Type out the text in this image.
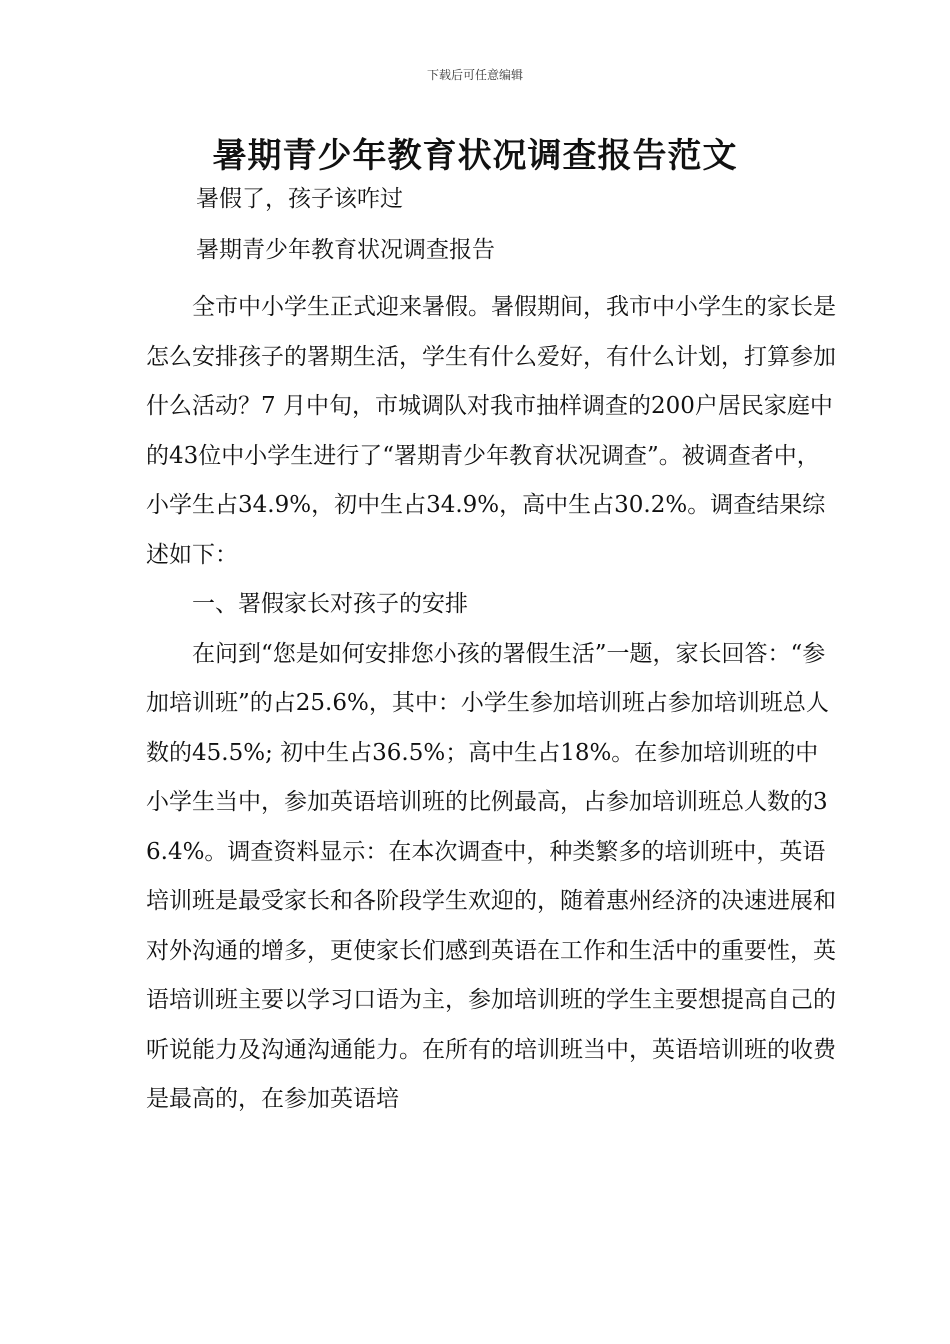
下载后可任意编辑
暑期青少年教育状况调查报告范文
暑假了，孩子该咋过
暑期青少年教育状况调查报告

全市中小学生正式迎来暑假。暑假期间，我市中小学生的家长是怎么安排孩子的署期生活，学生有什么爱好，有什么计划，打算参加什么活动？7 月中旬，市城调队对我市抽样调查的200户居民家庭中的43位中小学生进行了“署期青少年教育状况调查”。被调查者中，小学生占34.9%，初中生占34.9%，高中生占30.2%。调查结果综述如下：

一、署假家长对孩子的安排

在问到“您是如何安排您小孩的署假生活”一题，家长回答：“参加培训班”的占25.6%，其中：小学生参加培训班占参加培训班总人数的45.5%; 初中生占36.5%；高中生占18%。在参加培训班的中小学生当中，参加英语培训班的比例最高，占参加培训班总人数的36.4%。调查资料显示：在本次调查中，种类繁多的培训班中，英语培训班是最受家长和各阶段学生欢迎的，随着惠州经济的决速进展和对外沟通的增多，更使家长们感到英语在工作和生活中的重要性，英语培训班主要以学习口语为主，参加培训班的学生主要想提高自己的听说能力及沟通沟通能力。在所有的培训班当中，英语培训班的收费是最高的，在参加英语培
